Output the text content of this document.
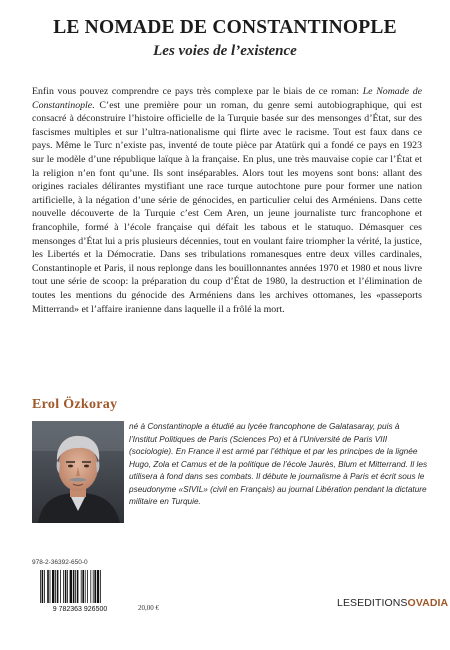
LE NOMADE DE CONSTANTINOPLE
Les voies de l’existence

Enfin vous pouvez comprendre ce pays très complexe par le biais de ce roman: Le Nomade de Constantinople. C’est une première pour un roman, du genre semi autobiographique, qui est consacré à déconstruire l’histoire officielle de la Turquie basée sur des mensonges d’État, sur des fascismes multiples et sur l’ultra-nationalisme qui flirte avec le racisme. Tout est faux dans ce pays. Même le Turc n’existe pas, inventé de toute pièce par Atatürk qui a fondé ce pays en 1923 sur le modèle d’une république laïque à la française. En plus, une très mauvaise copie car l’État et la religion n’en font qu’une. Ils sont inséparables. Alors tout les moyens sont bons: allant des origines raciales délirantes mystifiant une race turque autochtone pure pour former une nation artificielle, à la négation d’une série de génocides, en particulier celui des Arméniens. Dans cette nouvelle découverte de la Turquie c’est Cem Aren, un jeune journaliste turc francophone et francophile, formé à l’école française qui défait les tabous et le statuquo. Démasquer ces mensonges d’État lui a pris plusieurs décennies, tout en voulant faire triompher la vérité, la justice, les Libertés et la Démocratie. Dans ses tribulations romanesques entre deux villes cardinales, Constantinople et Paris, il nous replonge dans les bouillonnantes années 1970 et 1980 et nous livre tout une série de scoop: la préparation du coup d’État de 1980, la destruction et l’élimination de toutes les mentions du génocide des Arméniens dans les archives ottomanes, les «passeports Mitterrand» et l’affaire iranienne dans laquelle il a frôlé la mort.

Erol Özkoray
né à Constantinople a étudié au lycée francophone de Galatasaray, puis à l’Institut Politiques de Paris (Sciences Po) et à l’Université de Paris VIII (sociologie). En France il est armé par l’éthique et par les principes de la lignée Hugo, Zola et Camus et de la politique de l’école Jaurès, Blum et Mitterrand. Il les utilisera à fond dans ses combats. Il débute le journalisme à Paris et écrit sous le pseudonyme «SIVIL» (civil en Français) au journal Libération pendant la dictature militaire en Turquie.
978-2-36392-650-0
9 782363 926500	20,00 €	LESEDITIONSOVADIA
